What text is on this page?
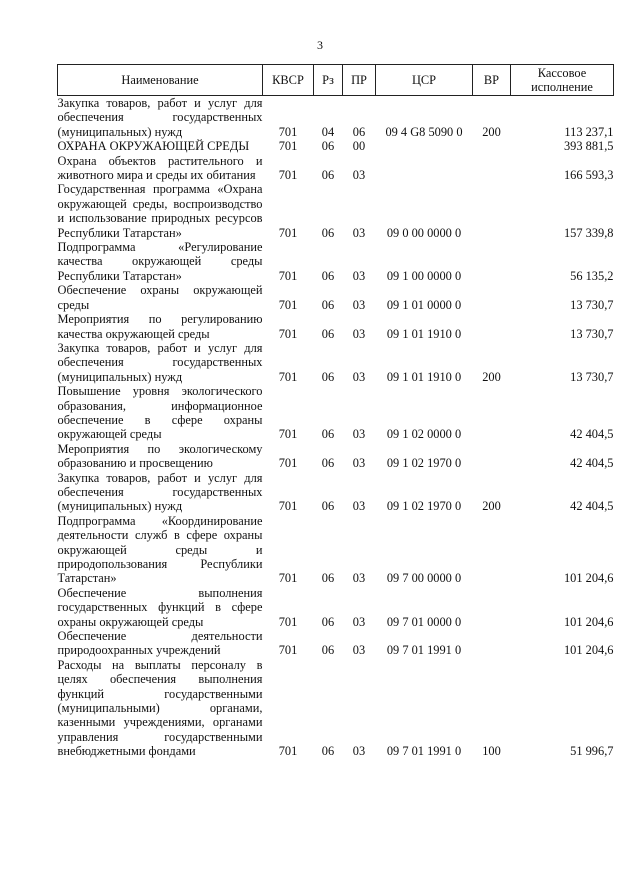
3
Наименование	КВСР	Рз	ПР	ЦСР	ВР	Кассовое исполнение

Закупка товаров, работ и услуг для обеспечения государственных (муниципальных) нужд	701	04	06	09 4 G8 5090 0	200	113 237,1

ОХРАНА ОКРУЖАЮЩЕЙ СРЕДЫ	701	06	00			393 881,5

Охрана объектов растительного и животного мира и среды их обитания	701	06	03			166 593,3

Государственная программа «Охрана окружающей среды, воспроизводство и использование природных ресурсов Республики Татарстан»	701	06	03	09 0 00 0000 0		157 339,8

Подпрограмма «Регулирование качества окружающей среды Республики Татарстан»	701	06	03	09 1 00 0000 0		56 135,2

Обеспечение охраны окружающей среды	701	06	03	09 1 01 0000 0		13 730,7

Мероприятия по регулированию качества окружающей среды	701	06	03	09 1 01 1910 0		13 730,7

Закупка товаров, работ и услуг для обеспечения государственных (муниципальных) нужд	701	06	03	09 1 01 1910 0	200	13 730,7

Повышение уровня экологического образования, информационное обеспечение в сфере охраны окружающей среды	701	06	03	09 1 02 0000 0		42 404,5

Мероприятия по экологическому образованию и просвещению	701	06	03	09 1 02 1970 0		42 404,5

Закупка товаров, работ и услуг для обеспечения государственных (муниципальных) нужд	701	06	03	09 1 02 1970 0	200	42 404,5

Подпрограмма «Координирование деятельности служб в сфере охраны окружающей среды и природопользования Республики Татарстан»	701	06	03	09 7 00 0000 0		101 204,6

Обеспечение выполнения государственных функций в сфере охраны окружающей среды	701	06	03	09 7 01 0000 0		101 204,6

Обеспечение деятельности природоохранных учреждений	701	06	03	09 7 01 1991 0		101 204,6

Расходы на выплаты персоналу в целях обеспечения выполнения функций государственными (муниципальными) органами, казенными учреждениями, органами управления государственными внебюджетными фондами	701	06	03	09 7 01 1991 0	100	51 996,7
